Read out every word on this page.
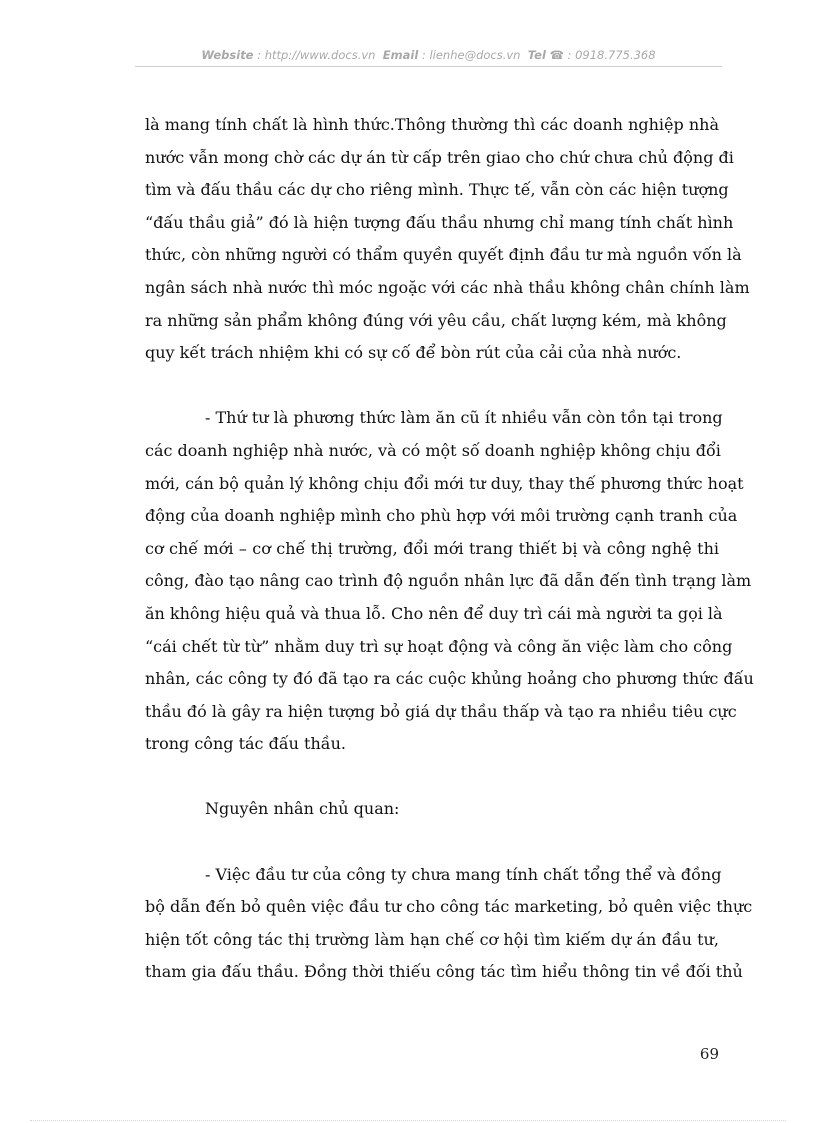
Website : http://www.docs.vn Email : lienhe@docs.vn Tel ☎ : 0918.775.368

là mang tính chất là hình thức.Thông thường thì các doanh nghiệp nhà
nước vẫn mong chờ các dự án từ cấp trên giao cho chứ chưa chủ động đi
tìm và đấu thầu các dự cho riêng mình. Thực tế, vẫn còn các hiện tượng
“đấu thầu giả” đó là hiện tượng đấu thầu nhưng chỉ mang tính chất hình
thức, còn những người có thẩm quyền quyết định đầu tư mà nguồn vốn là
ngân sách nhà nước thì móc ngoặc với các nhà thầu không chân chính làm
ra những sản phẩm không đúng với yêu cầu, chất lượng kém, mà không
quy kết trách nhiệm khi có sự cố để bòn rút của cải của nhà nước.

- Thứ tư là phương thức làm ăn cũ ít nhiều vẫn còn tồn tại trong
các doanh nghiệp nhà nước, và có một số doanh nghiệp không chịu đổi
mới, cán bộ quản lý không chịu đổi mới tư duy, thay thế phương thức hoạt
động của doanh nghiệp mình cho phù hợp với môi trường cạnh tranh của
cơ chế mới – cơ chế thị trường, đổi mới trang thiết bị và công nghệ thi
công, đào tạo nâng cao trình độ nguồn nhân lực đã dẫn đến tình trạng làm
ăn không hiệu quả và thua lỗ. Cho nên để duy trì cái mà người ta gọi là
“cái chết từ từ” nhằm duy trì sự hoạt động và công ăn việc làm cho công
nhân, các công ty đó đã tạo ra các cuộc khủng hoảng cho phương thức đấu
thầu đó là gây ra hiện tượng bỏ giá dự thầu thấp và tạo ra nhiều tiêu cực
trong công tác đấu thầu.

Nguyên nhân chủ quan:

- Việc đầu tư của công ty chưa mang tính chất tổng thể và đồng
bộ dẫn đến bỏ quên việc đầu tư cho công tác marketing, bỏ quên việc thực
hiện tốt công tác thị trường làm hạn chế cơ hội tìm kiếm dự án đầu tư,
tham gia đấu thầu. Đồng thời thiếu công tác tìm hiểu thông tin về đối thủ

69
